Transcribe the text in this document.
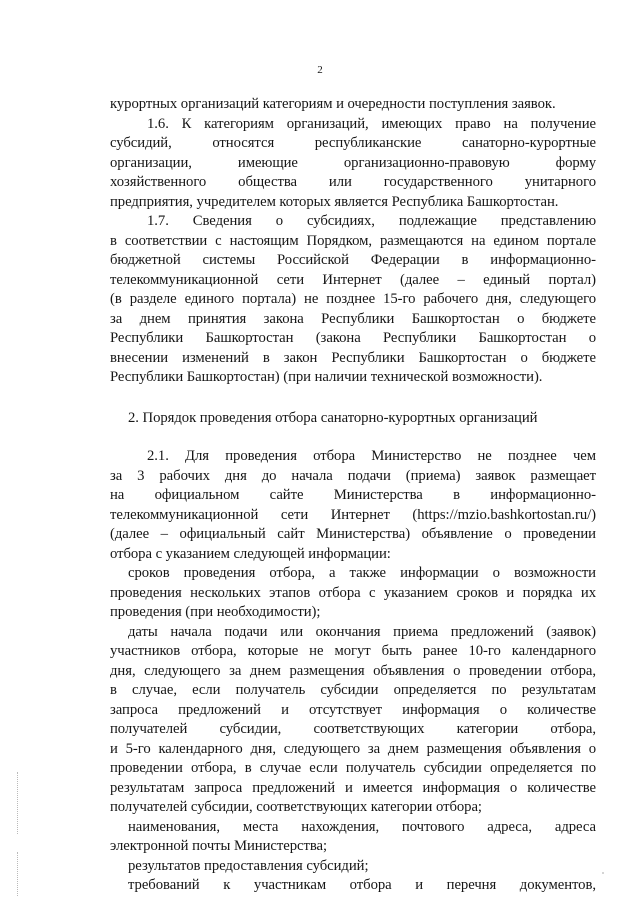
2
курортных организаций категориям и очередности поступления заявок.
1.6. К категориям организаций, имеющих право на получение
субсидий, относятся республиканские санаторно-курортные
организации, имеющие организационно-правовую форму
хозяйственного общества или государственного унитарного
предприятия, учредителем которых является Республика Башкортостан.
1.7. Сведения о субсидиях, подлежащие представлению
в соответствии с настоящим Порядком, размещаются на едином портале
бюджетной системы Российской Федерации в информационно-
телекоммуникационной сети Интернет (далее – единый портал)
(в разделе единого портала) не позднее 15-го рабочего дня, следующего
за днем принятия закона Республики Башкортостан о бюджете
Республики Башкортостан (закона Республики Башкортостан о
внесении изменений в закон Республики Башкортостан о бюджете
Республики Башкортостан) (при наличии технической возможности).
2. Порядок проведения отбора санаторно-курортных организаций
2.1. Для проведения отбора Министерство не позднее чем
за 3 рабочих дня до начала подачи (приема) заявок размещает
на официальном сайте Министерства в информационно-
телекоммуникационной сети Интернет (https://mzio.bashkortostan.ru/)
(далее – официальный сайт Министерства) объявление о проведении
отбора с указанием следующей информации:
сроков проведения отбора, а также информации о возможности
проведения нескольких этапов отбора с указанием сроков и порядка их
проведения (при необходимости);
даты начала подачи или окончания приема предложений (заявок)
участников отбора, которые не могут быть ранее 10-го календарного
дня, следующего за днем размещения объявления о проведении отбора,
в случае, если получатель субсидии определяется по результатам
запроса предложений и отсутствует информация о количестве
получателей субсидии, соответствующих категории отбора,
и 5-го календарного дня, следующего за днем размещения объявления о
проведении отбора, в случае если получатель субсидии определяется по
результатам запроса предложений и имеется информация о количестве
получателей субсидии, соответствующих категории отбора;
наименования, места нахождения, почтового адреса, адреса
электронной почты Министерства;
результатов предоставления субсидий;
требований к участникам отбора и перечня документов,
